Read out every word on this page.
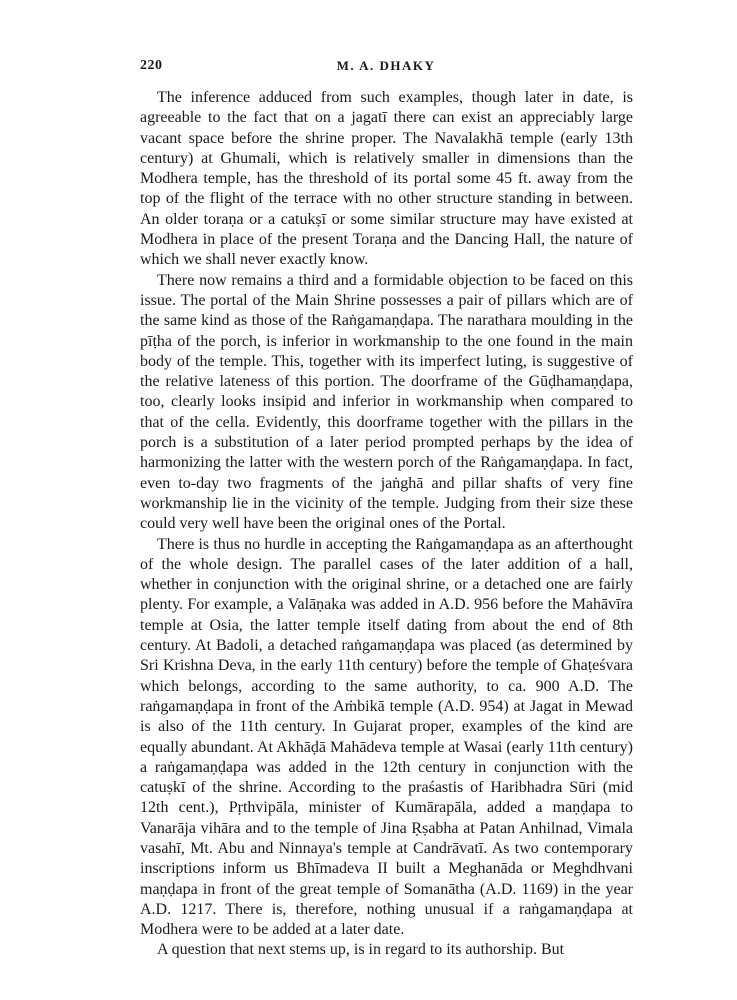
220	M. A. DHAKY

The inference adduced from such examples, though later in date, is agreeable to the fact that on a jagatī there can exist an appreciably large vacant space before the shrine proper. The Navalakhā temple (early 13th century) at Ghumali, which is relatively smaller in dimensions than the Modhera temple, has the threshold of its portal some 45 ft. away from the top of the flight of the terrace with no other structure standing in between. An older toraṇa or a catukṣī or some similar structure may have existed at Modhera in place of the present Toraṇa and the Dancing Hall, the nature of which we shall never exactly know.

There now remains a third and a formidable objection to be faced on this issue. The portal of the Main Shrine possesses a pair of pillars which are of the same kind as those of the Raṅgamaṇḍapa. The narathara moulding in the pīṭha of the porch, is inferior in workmanship to the one found in the main body of the temple. This, together with its imperfect luting, is suggestive of the relative lateness of this portion. The doorframe of the Gūḍhamaṇḍapa, too, clearly looks insipid and inferior in workmanship when compared to that of the cella. Evidently, this doorframe together with the pillars in the porch is a substitution of a later period prompted perhaps by the idea of harmonizing the latter with the western porch of the Raṅgamaṇḍapa. In fact, even to-day two fragments of the jaṅghā and pillar shafts of very fine workmanship lie in the vicinity of the temple. Judging from their size these could very well have been the original ones of the Portal.

There is thus no hurdle in accepting the Raṅgamaṇḍapa as an afterthought of the whole design. The parallel cases of the later addition of a hall, whether in conjunction with the original shrine, or a detached one are fairly plenty. For example, a Valāṇaka was added in A.D. 956 before the Mahāvīra temple at Osia, the latter temple itself dating from about the end of 8th century. At Badoli, a detached raṅgamaṇḍapa was placed (as determined by Sri Krishna Deva, in the early 11th century) before the temple of Ghaṭeśvara which belongs, according to the same authority, to ca. 900 A.D. The raṅgamaṇḍapa in front of the Aṁbikā temple (A.D. 954) at Jagat in Mewad is also of the 11th century. In Gujarat proper, examples of the kind are equally abundant. At Akhāḍā Mahādeva temple at Wasai (early 11th century) a raṅgamaṇḍapa was added in the 12th century in conjunction with the catuṣkī of the shrine. According to the praśastis of Haribhadra Sūri (mid 12th cent.), Pṛthvipāla, minister of Kumārapāla, added a maṇḍapa to Vanarāja vihāra and to the temple of Jina Ṛṣabha at Patan Anhilnad, Vimala vasahī, Mt. Abu and Ninnaya's temple at Candrāvatī. As two contemporary inscriptions inform us Bhīmadeva II built a Meghanāda or Meghdhvani maṇḍapa in front of the great temple of Somanātha (A.D. 1169) in the year A.D. 1217. There is, therefore, nothing unusual if a raṅgamaṇḍapa at Modhera were to be added at a later date.

A question that next stems up, is in regard to its authorship. But
